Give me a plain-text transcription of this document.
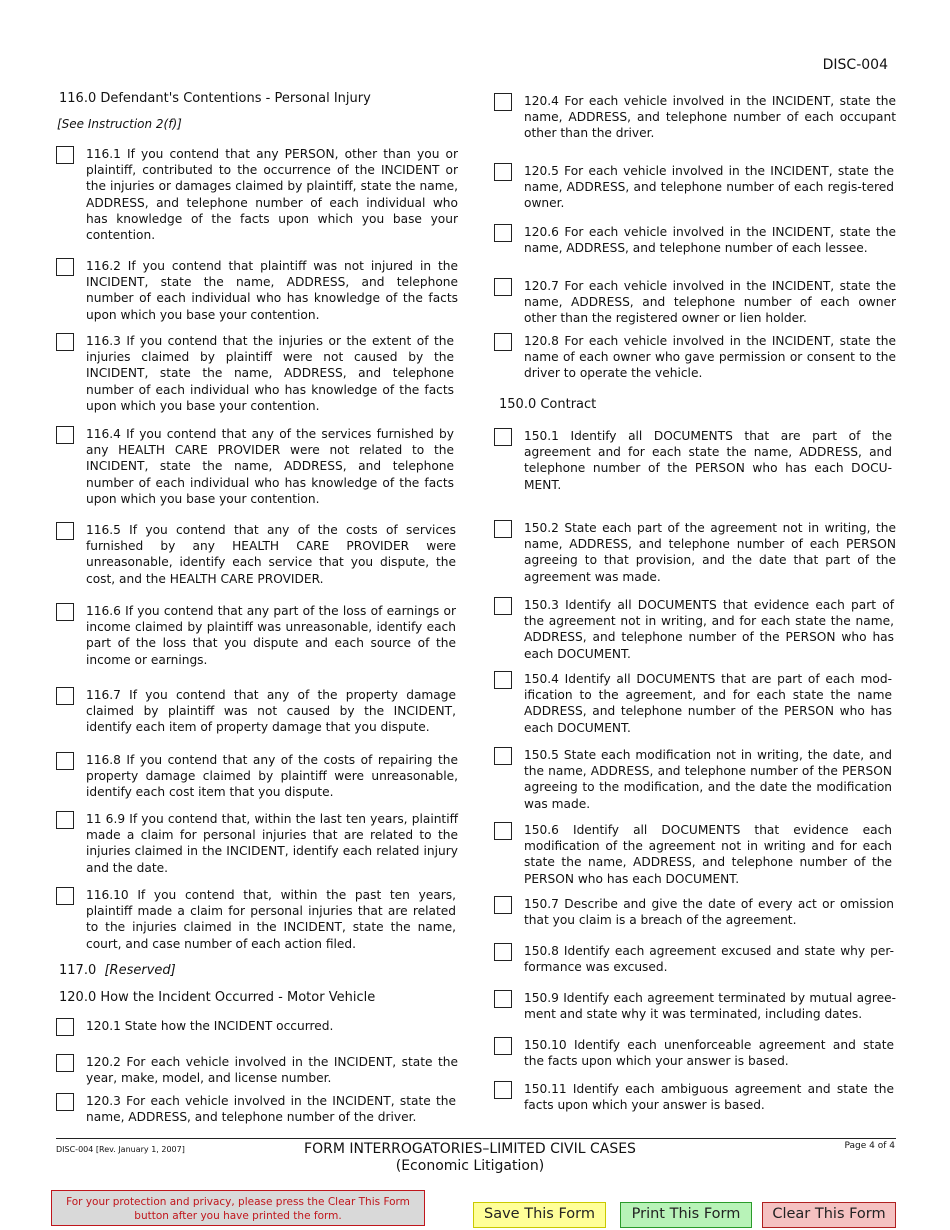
DISC-004
116.0 Defendant's Contentions - Personal Injury
[See Instruction 2(f)]
116.1 If you contend that any PERSON, other than you or plaintiff, contributed to the occurrence of the INCIDENT or the injuries or damages claimed by plaintiff, state the name, ADDRESS, and telephone number of each individual who has knowledge of the facts upon which you base your contention.
116.2 If you contend that plaintiff was not injured in the INCIDENT, state the name, ADDRESS, and telephone number of each individual who has knowledge of the facts upon which you base your contention.
116.3 If you contend that the injuries or the extent of the injuries claimed by plaintiff were not caused by the INCIDENT, state the name, ADDRESS, and telephone number of each individual who has knowledge of the facts upon which you base your contention.
116.4 If you contend that any of the services furnished by any HEALTH CARE PROVIDER were not related to the INCIDENT, state the name, ADDRESS, and telephone number of each individual who has knowledge of the facts upon which you base your contention.
116.5 If you contend that any of the costs of services furnished by any HEALTH CARE PROVIDER were unreasonable, identify each service that you dispute, the cost, and the HEALTH CARE PROVIDER.
116.6 If you contend that any part of the loss of earnings or income claimed by plaintiff was unreasonable, identify each part of the loss that you dispute and each source of the income or earnings.
116.7 If you contend that any of the property damage claimed by plaintiff was not caused by the INCIDENT, identify each item of property damage that you dispute.
116.8 If you contend that any of the costs of repairing the property damage claimed by plaintiff were unreasonable, identify each cost item that you dispute.
11 6.9 If you contend that, within the last ten years, plaintiff made a claim for personal injuries that are related to the injuries claimed in the INCIDENT, identify each related injury and the date.
116.10 If you contend that, within the past ten years, plaintiff made a claim for personal injuries that are related to the injuries claimed in the INCIDENT, state the name, court, and case number of each action filed.
117.0 [Reserved]
120.0 How the Incident Occurred - Motor Vehicle
120.1 State how the INCIDENT occurred.
120.2 For each vehicle involved in the INCIDENT, state the year, make, model, and license number.
120.3 For each vehicle involved in the INCIDENT, state the name, ADDRESS, and telephone number of the driver.
120.4 For each vehicle involved in the INCIDENT, state the name, ADDRESS, and telephone number of each occupant other than the driver.
120.5 For each vehicle involved in the INCIDENT, state the name, ADDRESS, and telephone number of each regis-tered owner.
120.6 For each vehicle involved in the INCIDENT, state the name, ADDRESS, and telephone number of each lessee.
120.7 For each vehicle involved in the INCIDENT, state the name, ADDRESS, and telephone number of each owner other than the registered owner or lien holder.
120.8 For each vehicle involved in the INCIDENT, state the name of each owner who gave permission or consent to the driver to operate the vehicle.
150.0 Contract
150.1 Identify all DOCUMENTS that are part of the agreement and for each state the name, ADDRESS, and telephone number of the PERSON who has each DOCU-MENT.
150.2 State each part of the agreement not in writing, the name, ADDRESS, and telephone number of each PERSON agreeing to that provision, and the date that part of the agreement was made.
150.3 Identify all DOCUMENTS that evidence each part of the agreement not in writing, and for each state the name, ADDRESS, and telephone number of the PERSON who has each DOCUMENT.
150.4 Identify all DOCUMENTS that are part of each mod-ification to the agreement, and for each state the name ADDRESS, and telephone number of the PERSON who has each DOCUMENT.
150.5 State each modification not in writing, the date, and the name, ADDRESS, and telephone number of the PERSON agreeing to the modification, and the date the modification was made.
150.6 Identify all DOCUMENTS that evidence each modification of the agreement not in writing and for each state the name, ADDRESS, and telephone number of the PERSON who has each DOCUMENT.
150.7 Describe and give the date of every act or omission that you claim is a breach of the agreement.
150.8 Identify each agreement excused and state why per-formance was excused.
150.9 Identify each agreement terminated by mutual agree-ment and state why it was terminated, including dates.
150.10 Identify each unenforceable agreement and state the facts upon which your answer is based.
150.11 Identify each ambiguous agreement and state the facts upon which your answer is based.
DISC-004 [Rev. January 1, 2007]	FORM INTERROGATORIES–LIMITED CIVIL CASES
(Economic Litigation)
Page 4 of 4
For your protection and privacy, please press the Clear This Form button after you have printed the form.	Save This Form	Print This Form	Clear This Form
